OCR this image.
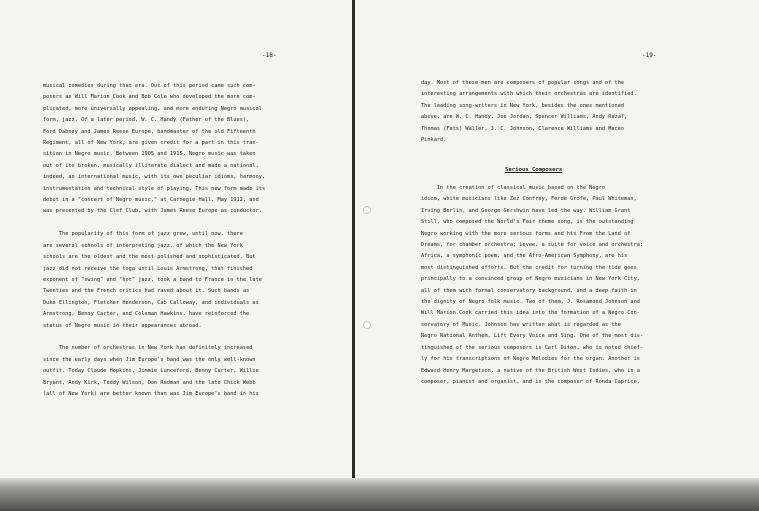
-18-
musical comedies during that era. Out of this period came such com-
posers as Will Marion Cook and Bob Cole who developed the more com-
plicated, more universally appealing, and more enduring Negro musical
form, jazz. Of a later period, W. C. Handy (Father of the Blues),
Ford Dabney and James Reese Europe, bandmaster of the old Fifteenth
Regiment, all of New York, are given credit for a part in this tran-
sition in Negro music. Between 1905 and 1915, Negro music was taken
out of its broken, musically illiterate dialect and made a national,
indeed, an international music, with its own peculiar idioms, harmony,
instrumentation and technical style of playing. This new form made its
debut in a "concert of Negro music," at Carnegie Hall, May 1912, and
was presented by the Clef Club, with James Reese Europe as conductor.

The popularity of this form of jazz grew, until now, there
are several schools of interpreting jazz, of which the New York
schools are the oldest and the most polished and sophisticated. But
jazz did not receive the toga until Louis Armstrong, that finished
exponent of "swing" and "hot" jazz, took a band to France in the late
Twenties and the French critics had raved about it. Such bands as
Duke Ellington, Fletcher Henderson, Cab Calloway, and individuals as
Armstrong, Benny Carter, and Coleman Hawkins, have reinforced the
status of Negro music in their appearances abroad.

The number of orchestras in New York has definitely increased
since the early days when Jim Europe's band was the only well-known
outfit. Today Claude Hopkins, Jimmie Lunceford, Benny Carter, Willie
Bryant, Andy Kirk, Teddy Wilson, Don Redman and the late Chick Webb
(all of New York) are better known than was Jim Europe's band in his
-19-
day. Most of these men are composers of popular songs and of the
interesting arrangements with which their orchestras are identified.
The leading song-writers in New York, besides the ones mentioned
above, are W. C. Handy, Joe Jordan, Spencer Williams, Andy Razaf,
Thomas (Fats) Waller, J. C. Johnson, Clarence Williams and Maceo
Pinkard.
Serious Composers
In the creation of classical music based on the Negro
idiom, white musicians like Zez Confrey, Ferde Grofe, Paul Whiteman,
Irving Berlin, and George Gershwin have led the way. William Grant
Still, who composed the World's Fair theme song, is the outstanding
Negro working with the more serious forms and his From the Land of
Dreams, for chamber orchestra; Levee, a suite for voice and orchestra;
Africa, a symphonic poem, and the Afro-American Symphony, are his
most distinguished efforts. But the credit for turning the tide goes
principally to a convinced group of Negro musicians in New York City,
all of them with formal conservatory background, and a deep faith in
the dignity of Negro folk music. Two of them, J. Rosamond Johnson and
Will Marion Cook carried this idea into the formation of a Negro Con-
servatory of Music. Johnson has written what is regarded as the
Negro National Anthem, Lift Every Voice and Sing. One of the most dis-
tinguished of the serious composers is Carl Diton, who is noted chief-
ly for his transcriptions of Negro Melodies for the organ. Another is
Edward Henry Margetson, a native of the British West Indies, who is a
composer, pianist and organist, and is the composer of Ronda Caprice,
